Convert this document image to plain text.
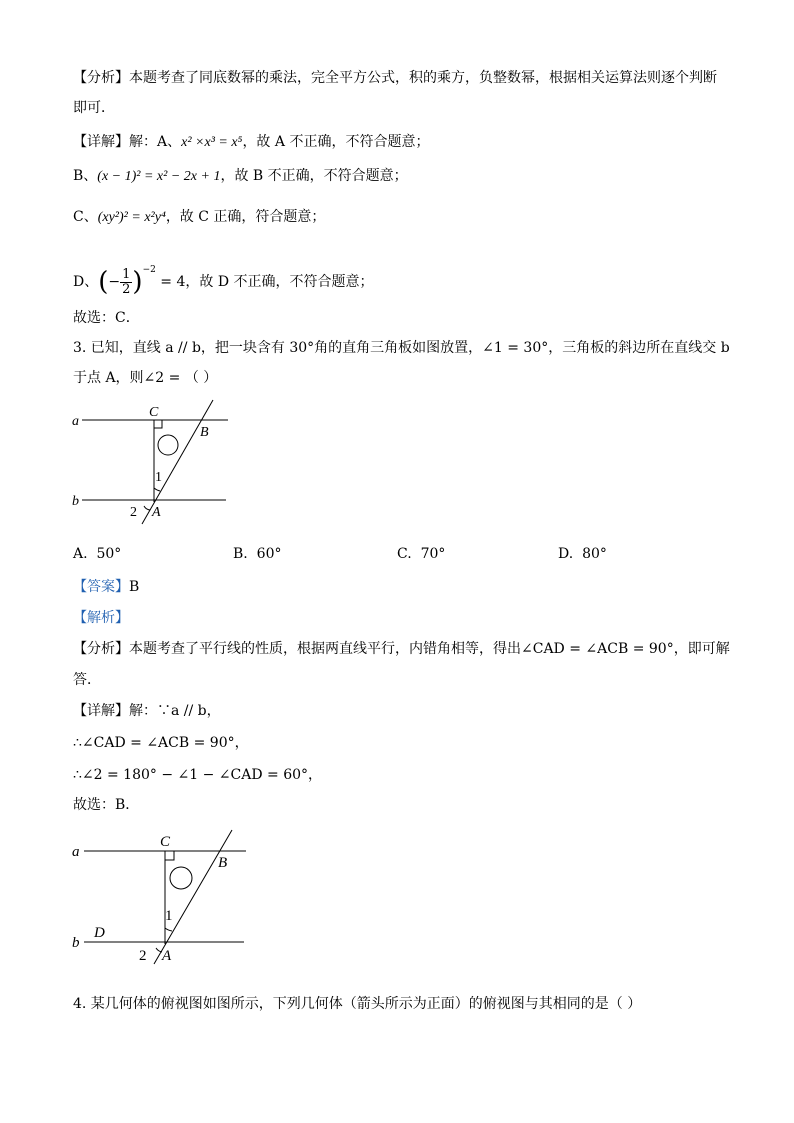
【分析】本题考查了同底数幂的乘法，完全平方公式，积的乘方，负整数幂，根据相关运算法则逐个判断
即可．
【详解】解：A、x² ×x³ = x⁵，故 A 不正确，不符合题意；
B、(x − 1)² = x² − 2x + 1，故 B 不正确，不符合题意；
C、(xy²)² = x²y⁴，故 C 正确，符合题意；
D、(− $\frac{1}{2} )^{-2} = 4$，故 D 不正确，不符合题意；
故选：C．
3. 已知，直线 a // b，把一块含有 30°角的直角三角板如图放置，∠1 = 30°，三角板的斜边所在直线交 b
于点 A，则∠2 = （ ）
a
b
C
B
A
1
2
A. 50°	B. 60°	C. 70°	D. 80°
【答案】B
【解析】
【分析】本题考查了平行线的性质，根据两直线平行，内错角相等，得出∠CAD = ∠ACB = 90°，即可解
答．
【详解】解：∵a // b，
∴∠CAD = ∠ACB = 90°，
∴∠2 = 180° − ∠1 − ∠CAD = 60°，
故选：B．
a
b
C
B
D
A
1
2
4. 某几何体的俯视图如图所示，下列几何体（箭头所示为正面）的俯视图与其相同的是（ ）
